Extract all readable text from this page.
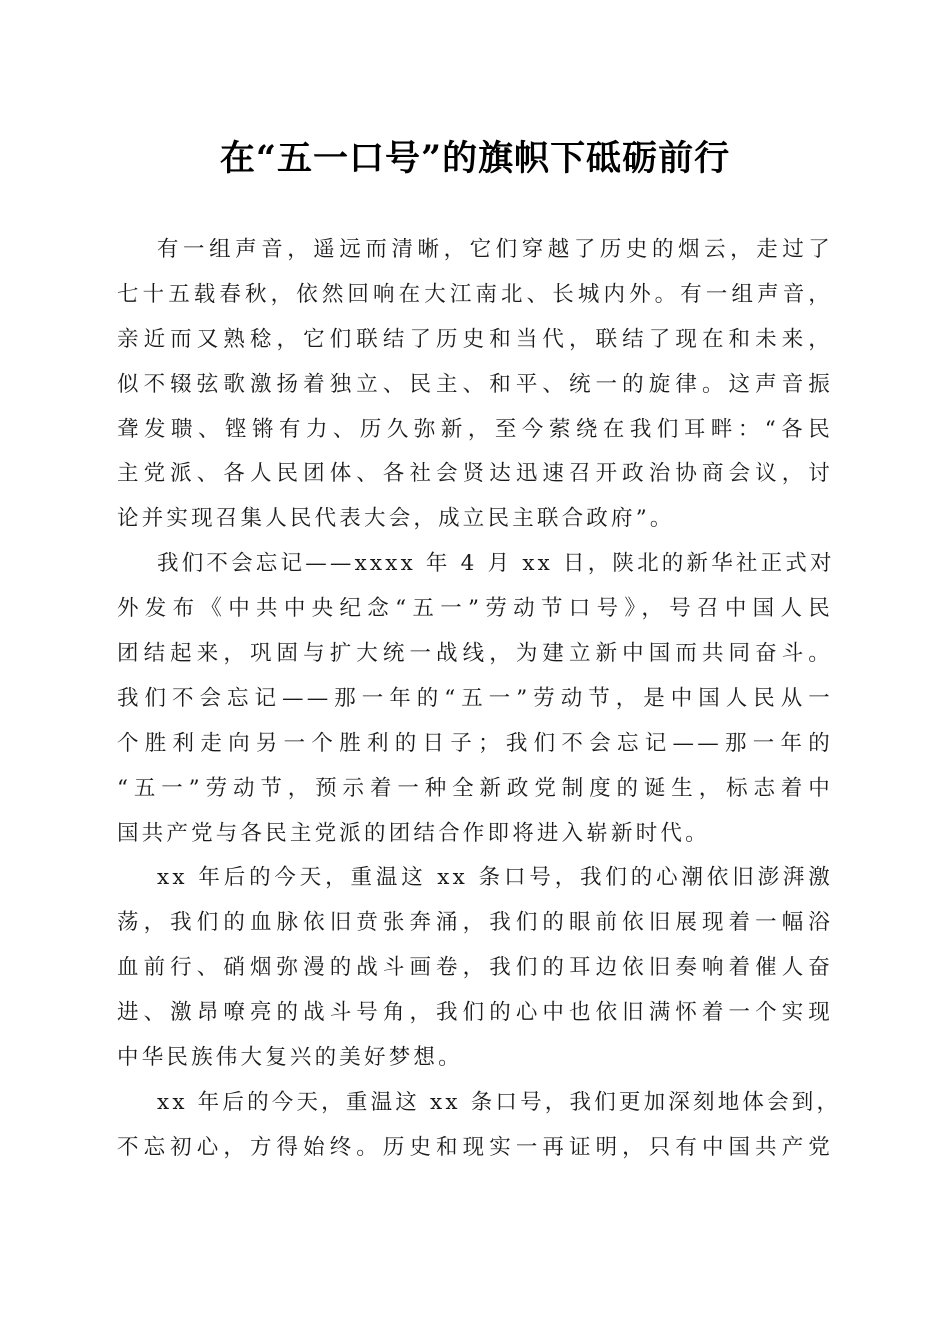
在“五一口号”的旗帜下砥砺前行
有一组声音，遥远而清晰，它们穿越了历史的烟云，走过了
七十五载春秋，依然回响在大江南北、长城内外。有一组声音，
亲近而又熟稔，它们联结了历史和当代，联结了现在和未来，
似不辍弦歌激扬着独立、民主、和平、统一的旋律。这声音振
聋发聩、铿锵有力、历久弥新，至今萦绕在我们耳畔：“各民
主党派、各人民团体、各社会贤达迅速召开政治协商会议，讨
论并实现召集人民代表大会，成立民主联合政府”。
我们不会忘记——xxxx 年 4 月 xx 日，陕北的新华社正式对
外发布《中共中央纪念“五一”劳动节口号》，号召中国人民
团结起来，巩固与扩大统一战线，为建立新中国而共同奋斗。
我们不会忘记——那一年的“五一”劳动节，是中国人民从一
个胜利走向另一个胜利的日子；我们不会忘记——那一年的
“五一”劳动节，预示着一种全新政党制度的诞生，标志着中
国共产党与各民主党派的团结合作即将进入崭新时代。
xx 年后的今天，重温这 xx 条口号，我们的心潮依旧澎湃激
荡，我们的血脉依旧贲张奔涌，我们的眼前依旧展现着一幅浴
血前行、硝烟弥漫的战斗画卷，我们的耳边依旧奏响着催人奋
进、激昂嘹亮的战斗号角，我们的心中也依旧满怀着一个实现
中华民族伟大复兴的美好梦想。
xx 年后的今天，重温这 xx 条口号，我们更加深刻地体会到，
不忘初心，方得始终。历史和现实一再证明，只有中国共产党
